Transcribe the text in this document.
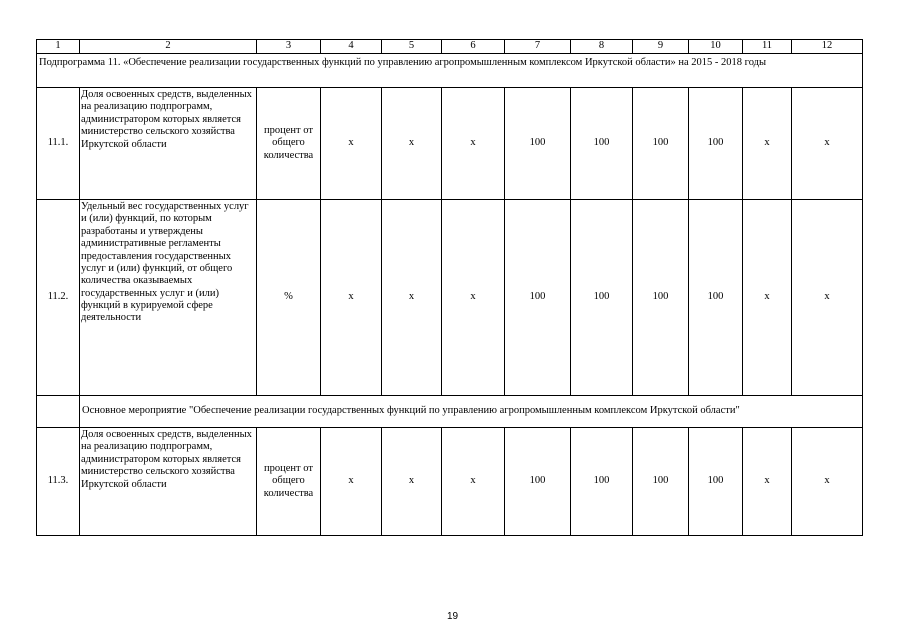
1	2	3	4	5	6	7	8	9	10	11	12
Подпрограмма 11. «Обеспечение реализации государственных функций по управлению агропромышленным комплексом Иркутской области» на 2015 - 2018 годы											
11.1.	Доля освоенных средств, выделенных на реализацию подпрограмм, администратором которых является министерство сельского хозяйства Иркутской области	процент от общего количества	x	x	x	100	100	100	100	x	x
11.2.	Удельный вес государственных услуг и (или) функций, по которым разработаны и утверждены административные регламенты предоставления государственных услуг и (или) функций, от общего количества оказываемых государственных услуг и (или) функций в курируемой сфере деятельности	%	x	x	x	100	100	100	100	x	x
	Основное мероприятие "Обеспечение реализации государственных функций по управлению агропромышленным комплексом Иркутской области"										
11.3.	Доля освоенных средств, выделенных на реализацию подпрограмм, администратором которых является министерство сельского хозяйства Иркутской области	процент от общего количества	x	x	x	100	100	100	100	x	x
19
